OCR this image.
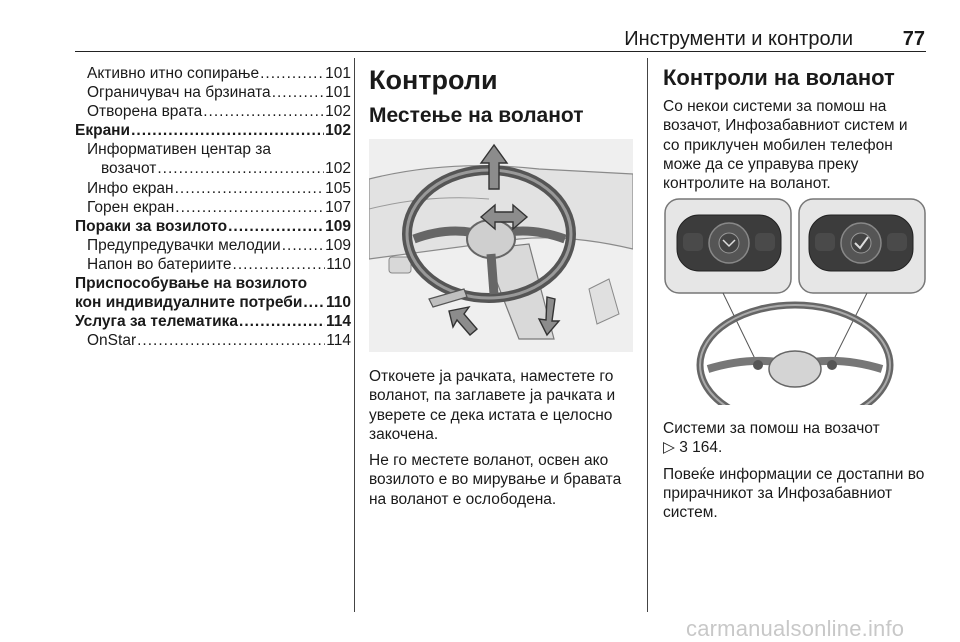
Инструменти и контроли 77
Активно итно сопирање .....	101
Ограничувач на брзината .....	101
Отворена врата .....	102
Екрани .....	102
Информативен центар за
возачот .....	102
Инфо екран .....	105
Горен екран .....	107
Пораки за возилото .....	109
Предупредувачки мелодии .....	109
Напон во батериите .....	110
Приспособување на возилото
кон индивидуалните потреби ..... 110
Услуга за телематика .....	114
OnStar .....	114
Контроли
Местење на воланот

Откочете ја рачката, наместете го воланот, па заглавете ја рачката и уверете се дека истата е целосно закочена.

Не го местете воланот, освен ако возилото е во мирување и бравата на воланот е ослободена.

Контроли на воланот

Со некои системи за помош на возачот, Инфозабавниот систем и со приклучен мобилен телефон може да се управува преку контролите на воланот.

Системи за помош на возачот
▷ 3 164.

Повеќе информации се достапни во прирачникот за Инфозабавниот систем.

carmanualsonline.info
